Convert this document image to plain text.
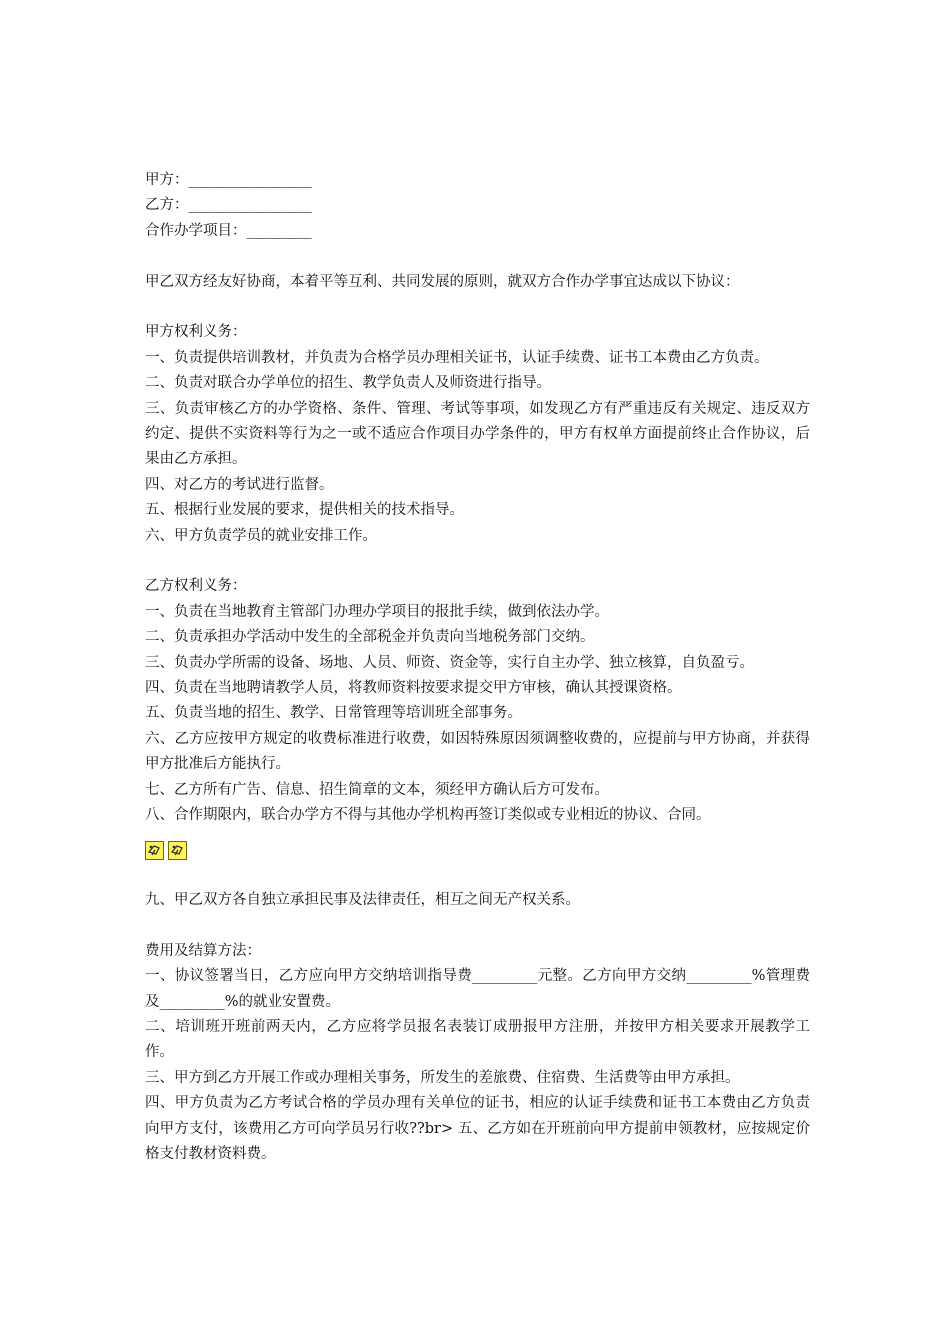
甲方：_________________
乙方：_________________
合作办学项目：_________
甲乙双方经友好协商，本着平等互利、共同发展的原则，就双方合作办学事宜达成以下协议：
甲方权利义务：
一、负责提供培训教材，并负责为合格学员办理相关证书，认证手续费、证书工本费由乙方负责。
二、负责对联合办学单位的招生、教学负责人及师资进行指导。
三、负责审核乙方的办学资格、条件、管理、考试等事项，如发现乙方有严重违反有关规定、违反双方约定、提供不实资料等行为之一或不适应合作项目办学条件的，甲方有权单方面提前终止合作协议，后果由乙方承担。
四、对乙方的考试进行监督。
五、根据行业发展的要求，提供相关的技术指导。
六、甲方负责学员的就业安排工作。
乙方权利义务：
一、负责在当地教育主管部门办理办学项目的报批手续，做到依法办学。
二、负责承担办学活动中发生的全部税金并负责向当地税务部门交纳。
三、负责办学所需的设备、场地、人员、师资、资金等，实行自主办学、独立核算，自负盈亏。
四、负责在当地聘请教学人员，将教师资料按要求提交甲方审核，确认其授课资格。
五、负责当地的招生、教学、日常管理等培训班全部事务。
六、乙方应按甲方规定的收费标准进行收费，如因特殊原因须调整收费的，应提前与甲方协商，并获得甲方批准后方能执行。
七、乙方所有广告、信息、招生简章的文本，须经甲方确认后方可发布。
八、合作期限内，联合办学方不得与其他办学机构再签订类似或专业相近的协议、合同。
九、甲乙双方各自独立承担民事及法律责任，相互之间无产权关系。
费用及结算方法：
一、协议签署当日，乙方应向甲方交纳培训指导费_________元整。乙方向甲方交纳_________%管理费及_________%的就业安置费。
二、培训班开班前两天内，乙方应将学员报名表装订成册报甲方注册，并按甲方相关要求开展教学工作。
三、甲方到乙方开展工作或办理相关事务，所发生的差旅费、住宿费、生活费等由甲方承担。
四、甲方负责为乙方考试合格的学员办理有关单位的证书，相应的认证手续费和证书工本费由乙方负责向甲方支付，该费用乙方可向学员另行收??br> 五、乙方如在开班前向甲方提前申领教材，应按规定价格支付教材资料费。
